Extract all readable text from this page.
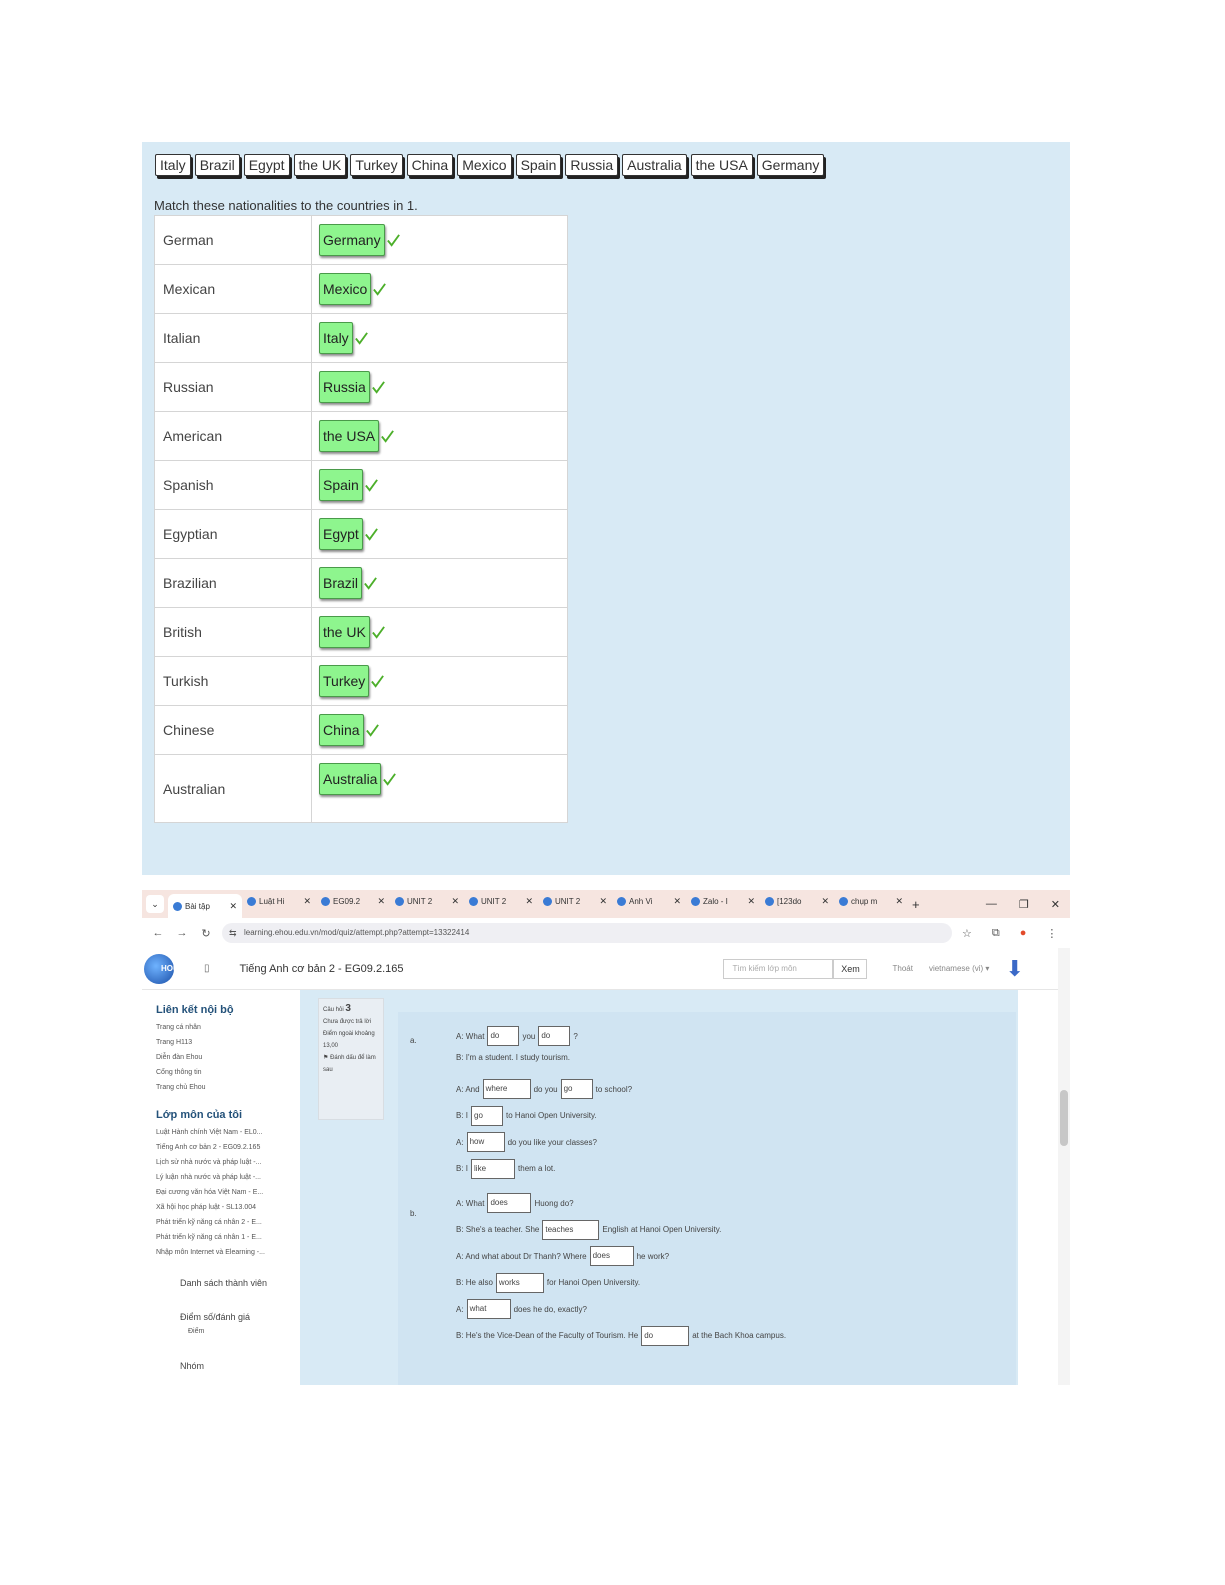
Italy	Brazil	Egypt	the UK	Turkey	China	Mexico	Spain	Russia	Australia	the USA	Germany
Match these nationalities to the countries in 1.
German	Germany
Mexican	Mexico
Italian	Italy
Russian	Russia
American	the USA
Spanish	Spain
Egyptian	Egypt
Brazilian	Brazil
British	the UK
Turkish	Turkey
Chinese	China
Australian	Australia
⌄	Bài tập	✕	Luật Hi	✕	EG09.2	✕	UNIT 2	✕	UNIT 2	✕	UNIT 2	✕	Anh Vi	✕	Zalo - I	✕	[123do	✕	chụp m	✕ +	— ❐ ✕
← →	↻	⇆ learning.ehou.edu.vn/mod/quiz/attempt.php?attempt=13322414	☆ ⧉ ● ⋮
HOU	▯	Tiếng Anh cơ bản 2 - EG09.2.165	Tìm kiếm lớp môn	Xem	Thoát vietnamese (vi) ▾ ⬇
Liên kết nội bộ
Trang cá nhân
Trang H113
Diễn đàn Ehou
Cổng thông tin
Trang chủ Ehou
Lớp môn của tôi
Luật Hành chính Việt Nam - EL0...
Tiếng Anh cơ bản 2 - EG09.2.165
Lịch sử nhà nước và pháp luật -...
Lý luận nhà nước và pháp luật -...
Đại cương văn hóa Việt Nam - E...
Xã hội học pháp luật - SL13.004
Phát triển kỹ năng cá nhân 2 - E...
Phát triển kỹ năng cá nhân 1 - E...
Nhập môn Internet và Elearning -...
Danh sách thành viên
Điểm số/đánh giá
Điểm
Nhóm
Câu hỏi 3
Chưa được trả lời
Điểm ngoài khoảng 13,00
⚑ Đánh dấu để làm sau
a.
b.
A: What do	you do	?
B: I'm a student. I study tourism.
A: And where	do you go	to school?
B: I go	to Hanoi Open University.
A: how	do you like your classes?
B: I like	them a lot.
A: What does	Huong do?
B: She's a teacher. She teaches	English at Hanoi Open University.
A: And what about Dr Thanh? Where does	he work?
B: He also works	for Hanoi Open University.
A: what	does he do, exactly?
B: He's the Vice-Dean of the Faculty of Tourism. He do	at the Bach Khoa campus.
